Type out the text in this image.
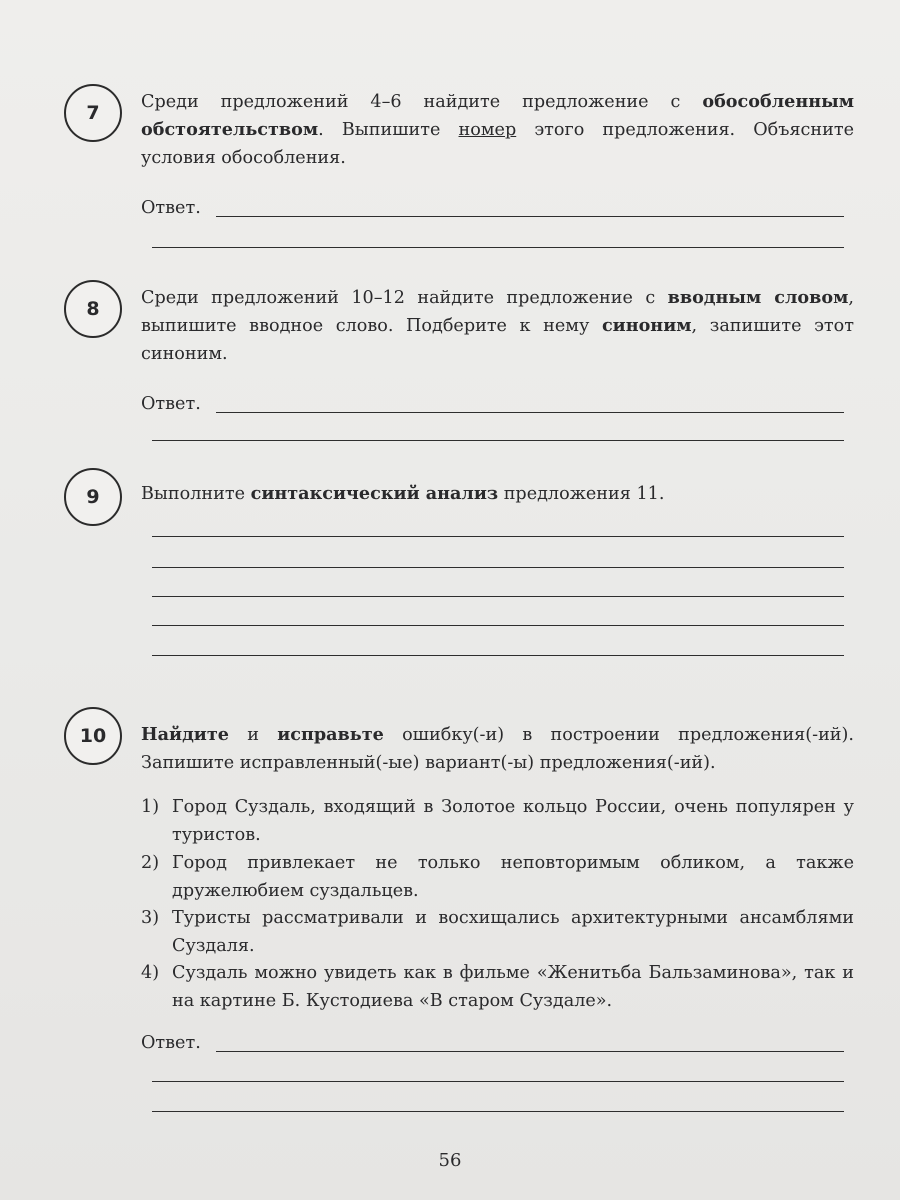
7	Среди предложений 4–6 найдите предложение с обособленным обстоятельством. Выпишите номер этого предложения. Объясните условия обособления.
Ответ.
8	Среди предложений 10–12 найдите предложение с вводным словом, выпишите вводное слово. Подберите к нему синоним, запишите этот синоним.
Ответ.
9	Выполните синтаксический анализ предложения 11.
10	Найдите и исправьте ошибку(-и) в построении предложения(-ий). Запишите исправленный(-ые) вариант(-ы) предложения(-ий).
1) Город Суздаль, входящий в Золотое кольцо России, очень популярен у туристов.
2) Город привлекает не только неповторимым обликом, а также дружелюбием суздальцев.
3) Туристы рассматривали и восхищались архитектурными ансамблями Суздаля.
4) Суздаль можно увидеть как в фильме «Женитьба Бальзаминова», так и на картине Б. Кустодиева «В старом Суздале».
Ответ.
56
